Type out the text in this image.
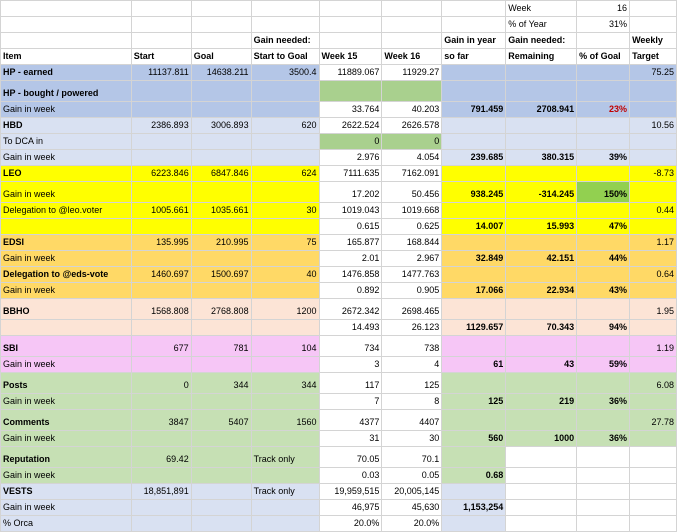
							Week	16	
							% of Year	31%	
			Gain needed:			Gain in year	Gain needed:		Weekly
Item	Start	Goal	Start to Goal	Week 15	Week 16	so far	Remaining	% of Goal	Target
HP - earned	11137.811	14638.211	3500.4	11889.067	11929.27				75.25
HP - bought / powered									
Gain in week				33.764	40.203	791.459	2708.941	23%	
HBD	2386.893	3006.893	620	2622.524	2626.578				10.56
To DCA in				0	0				
Gain in week				2.976	4.054	239.685	380.315	39%	
LEO	6223.846	6847.846	624	7111.635	7162.091				-8.73
Gain in week				17.202	50.456	938.245	-314.245	150%	
Delegation to @leo.voter	1005.661	1035.661	30	1019.043	1019.668				0.44
				0.615	0.625	14.007	15.993	47%	
EDSI	135.995	210.995	75	165.877	168.844				1.17
Gain in week				2.01	2.967	32.849	42.151	44%	
Delegation to @eds-vote	1460.697	1500.697	40	1476.858	1477.763				0.64
Gain in week				0.892	0.905	17.066	22.934	43%	
BBHO	1568.808	2768.808	1200	2672.342	2698.465				1.95
				14.493	26.123	1129.657	70.343	94%	
SBI	677	781	104	734	738				1.19
Gain in week				3	4	61	43	59%	
Posts	0	344	344	117	125				6.08
Gain in week				7	8	125	219	36%	
Comments	3847	5407	1560	4377	4407				27.78
Gain in week				31	30	560	1000	36%	
Reputation	69.42		Track only	70.05	70.1				
Gain in week				0.03	0.05	0.68			
VESTS	18,851,891		Track only	19,959,515	20,005,145				
Gain in week				46,975	45,630	1,153,254			
% Orca				20.0%	20.0%				
